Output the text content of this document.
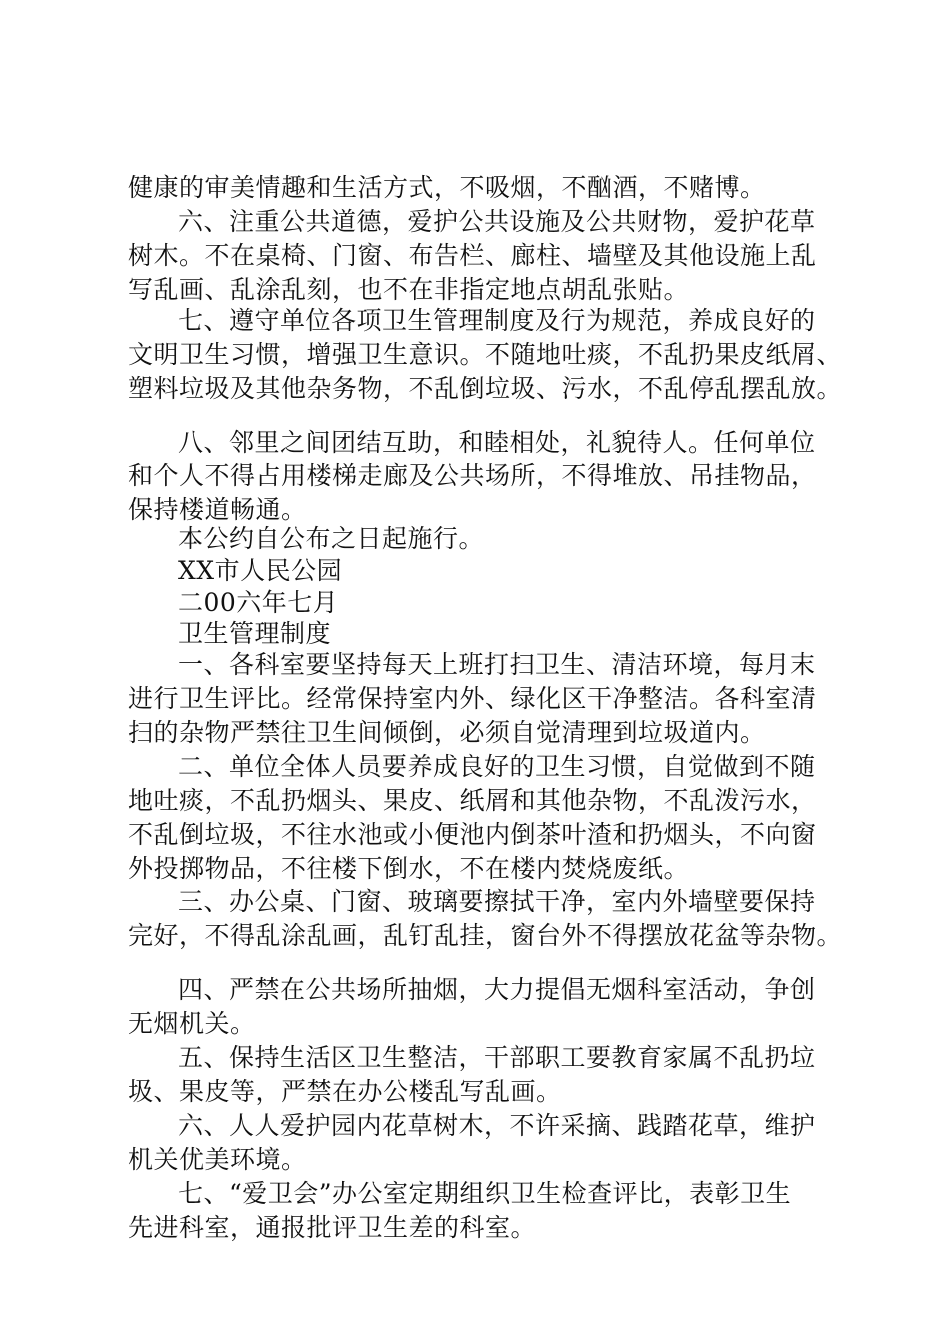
健康的审美情趣和生活方式，不吸烟，不酗酒，不赌博。

六、注重公共道德，爱护公共设施及公共财物，爱护花草

树木。不在桌椅、门窗、布告栏、廊柱、墙壁及其他设施上乱

写乱画、乱涂乱刻，也不在非指定地点胡乱张贴。

七、遵守单位各项卫生管理制度及行为规范，养成良好的

文明卫生习惯，增强卫生意识。不随地吐痰，不乱扔果皮纸屑、

塑料垃圾及其他杂务物，不乱倒垃圾、污水，不乱停乱摆乱放。

八、邻里之间团结互助，和睦相处，礼貌待人。任何单位

和个人不得占用楼梯走廊及公共场所，不得堆放、吊挂物品，

保持楼道畅通。

本公约自公布之日起施行。

XX市人民公园

二00六年七月

卫生管理制度

一、各科室要坚持每天上班打扫卫生、清洁环境，每月末

进行卫生评比。经常保持室内外、绿化区干净整洁。各科室清

扫的杂物严禁往卫生间倾倒，必须自觉清理到垃圾道内。

二、单位全体人员要养成良好的卫生习惯，自觉做到不随

地吐痰，不乱扔烟头、果皮、纸屑和其他杂物，不乱泼污水，

不乱倒垃圾，不往水池或小便池内倒茶叶渣和扔烟头，不向窗

外投掷物品，不往楼下倒水，不在楼内焚烧废纸。

三、办公桌、门窗、玻璃要擦拭干净，室内外墙壁要保持

完好，不得乱涂乱画，乱钉乱挂，窗台外不得摆放花盆等杂物。

四、严禁在公共场所抽烟，大力提倡无烟科室活动，争创

无烟机关。

五、保持生活区卫生整洁，干部职工要教育家属不乱扔垃

圾、果皮等，严禁在办公楼乱写乱画。

六、人人爱护园内花草树木，不许采摘、践踏花草，维护

机关优美环境。

七、“爱卫会”办公室定期组织卫生检查评比，表彰卫生

先进科室，通报批评卫生差的科室。
